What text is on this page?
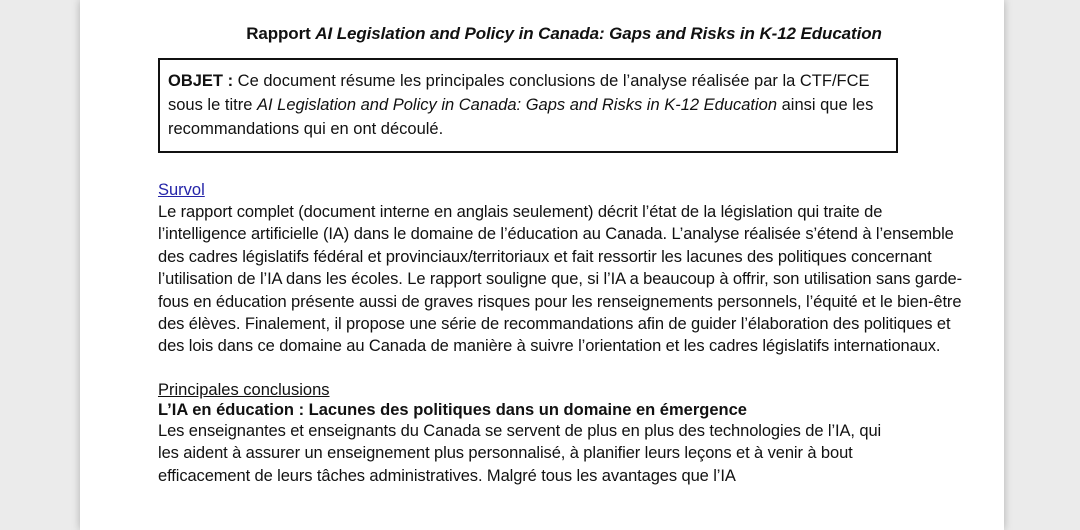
Rapport AI Legislation and Policy in Canada: Gaps and Risks in K-12 Education
OBJET : Ce document résume les principales conclusions de l’analyse réalisée par la CTF/FCE sous le titre AI Legislation and Policy in Canada: Gaps and Risks in K-12 Education ainsi que les recommandations qui en ont découlé.
Survol

Le rapport complet (document interne en anglais seulement) décrit l’état de la législation qui traite de l’intelligence artificielle (IA) dans le domaine de l’éducation au Canada. L’analyse réalisée s’étend à l’ensemble des cadres législatifs fédéral et provinciaux/territoriaux et fait ressortir les lacunes des politiques concernant l’utilisation de l’IA dans les écoles. Le rapport souligne que, si l’IA a beaucoup à offrir, son utilisation sans garde-fous en éducation présente aussi de graves risques pour les renseignements personnels, l’équité et le bien-être des élèves. Finalement, il propose une série de recommandations afin de guider l’élaboration des politiques et des lois dans ce domaine au Canada de manière à suivre l’orientation et les cadres législatifs internationaux.

Principales conclusions

L’IA en éducation : Lacunes des politiques dans un domaine en émergence

Les enseignantes et enseignants du Canada se servent de plus en plus des technologies de l’IA, qui les aident à assurer un enseignement plus personnalisé, à planifier leurs leçons et à venir à bout efficacement de leurs tâches administratives. Malgré tous les avantages que l’IA
